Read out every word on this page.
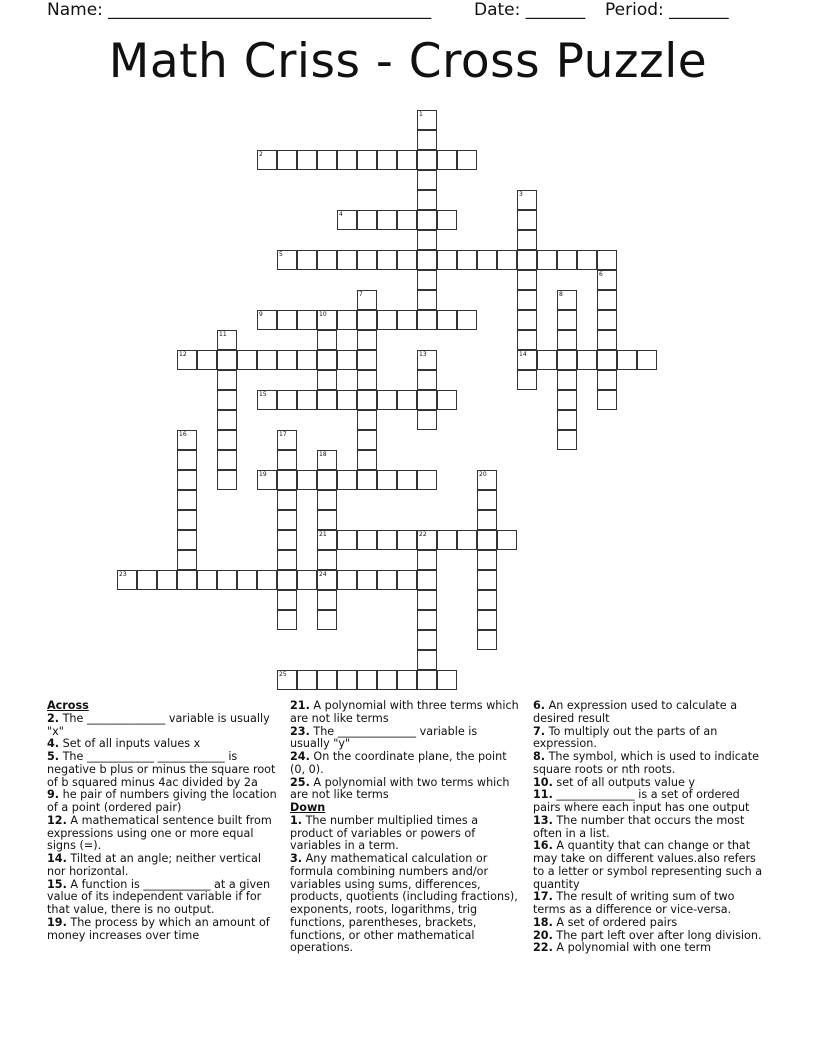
Name: ______________________________________	Date: _______ Period: _______
Math Criss - Cross Puzzle
1
2
3
14
4
5
6
7	8
9	10
11
12	13
15
16	17
18
21
24
19	20
22
23
25

Across

2. The ______________ variable is usually "x"

4. Set of all inputs values x

5. The ____________ ____________ is negative b plus or minus the square root of b squared minus 4ac divided by 2a

9. he pair of numbers giving the location of a point (ordered pair)

12. A mathematical sentence built from expressions using one or more equal signs (=).

14. Tilted at an angle; neither vertical nor horizontal.

15. A function is ____________ at a given value of its independent variable if for that value, there is no output.

19. The process by which an amount of money increases over time

21. A polynomial with three terms which are not like terms

23. The ______________ variable is usually "y"

24. On the coordinate plane, the point (0, 0).

25. A polynomial with two terms which are not like terms

Down

1. The number multiplied times a product of variables or powers of variables in a term.

3. Any mathematical calculation or formula combining numbers and/or variables using sums, differences, products, quotients (including fractions), exponents, roots, logarithms, trig functions, parentheses, brackets, functions, or other mathematical operations.

6. An expression used to calculate a desired result

7. To multiply out the parts of an expression.

8. The symbol, which is used to indicate square roots or nth roots.

10. set of all outputs value y

11. ______________ is a set of ordered pairs where each input has one output

13. The number that occurs the most often in a list.

16. A quantity that can change or that may take on different values.also refers to a letter or symbol representing such a quantity

17. The result of writing sum of two terms as a difference or vice-versa.

18. A set of ordered pairs

20. The part left over after long division.

22. A polynomial with one term
